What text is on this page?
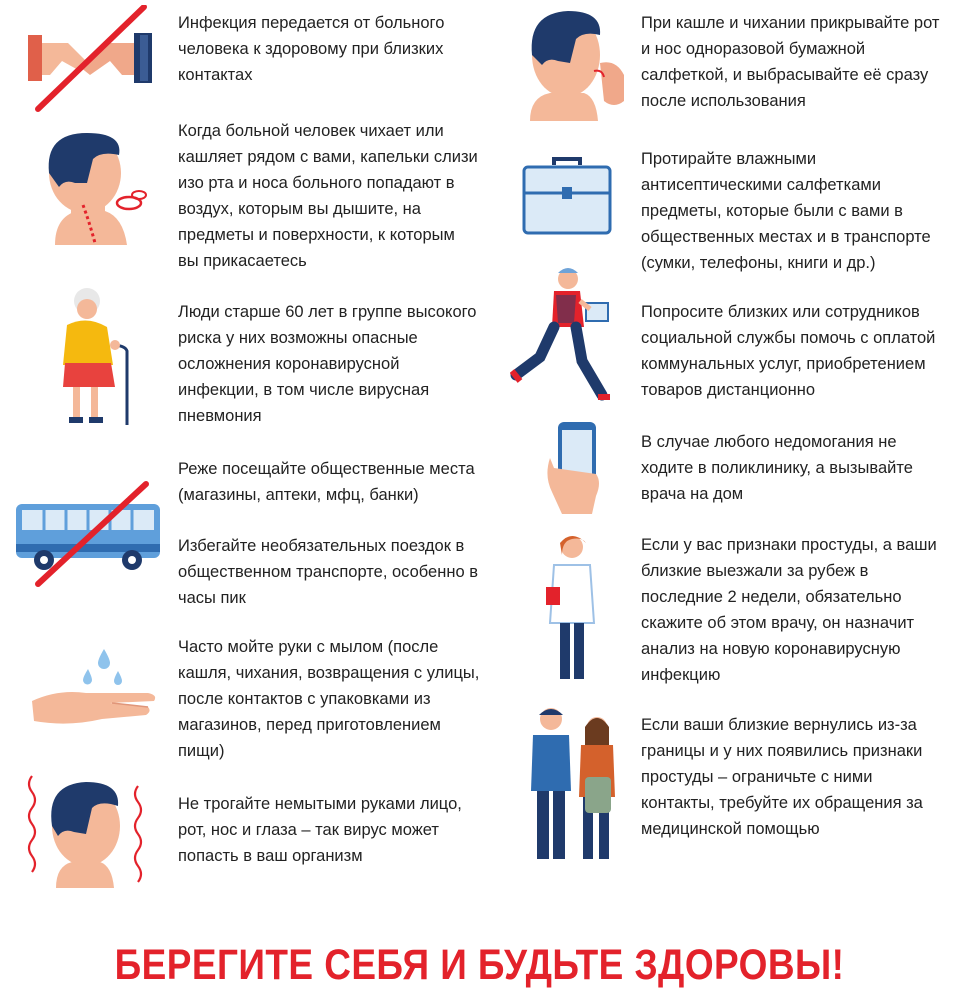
Инфекция передается от больного
человека к здоровому при близких
контактах

Когда больной человек чихает или
кашляет рядом с вами, капельки слизи
изо рта и носа больного попадают в
воздух, которым вы дышите, на
предметы и поверхности, к которым
вы прикасаетесь

Люди старше 60 лет в группе высокого
риска у них возможны опасные
осложнения коронавирусной
инфекции, в том числе вирусная
пневмония

Реже посещайте общественные места
(магазины, аптеки, мфц, банки)

Избегайте необязательных поездок в
общественном транспорте, особенно в
часы пик

Часто мойте руки с мылом (после
кашля, чихания, возвращения с улицы,
после контактов с упаковками из
магазинов, перед приготовлением
пищи)

Не трогайте немытыми руками лицо,
рот, нос и глаза – так вирус может
попасть в ваш организм

При кашле и чихании прикрывайте рот
и нос одноразовой бумажной
салфеткой, и выбрасывайте её сразу
после использования

Протирайте влажными
антисептическими салфетками
предметы, которые были с вами в
общественных местах и в транспорте
(сумки, телефоны, книги и др.)

Попросите близких или сотрудников
социальной службы помочь с оплатой
коммунальных услуг, приобретением
товаров дистанционно

В случае любого недомогания не
ходите в поликлинику, а вызывайте
врача на дом

Если у вас признаки простуды, а ваши
близкие выезжали за рубеж в
последние 2 недели, обязательно
скажите об этом врачу, он назначит
анализ на новую коронавирусную
инфекцию

Если ваши близкие вернулись из-за
границы и у них появились признаки
простуды – ограничьте с ними
контакты, требуйте их обращения за
медицинской помощью

БЕРЕГИТЕ СЕБЯ И БУДЬТЕ ЗДОРОВЫ!
